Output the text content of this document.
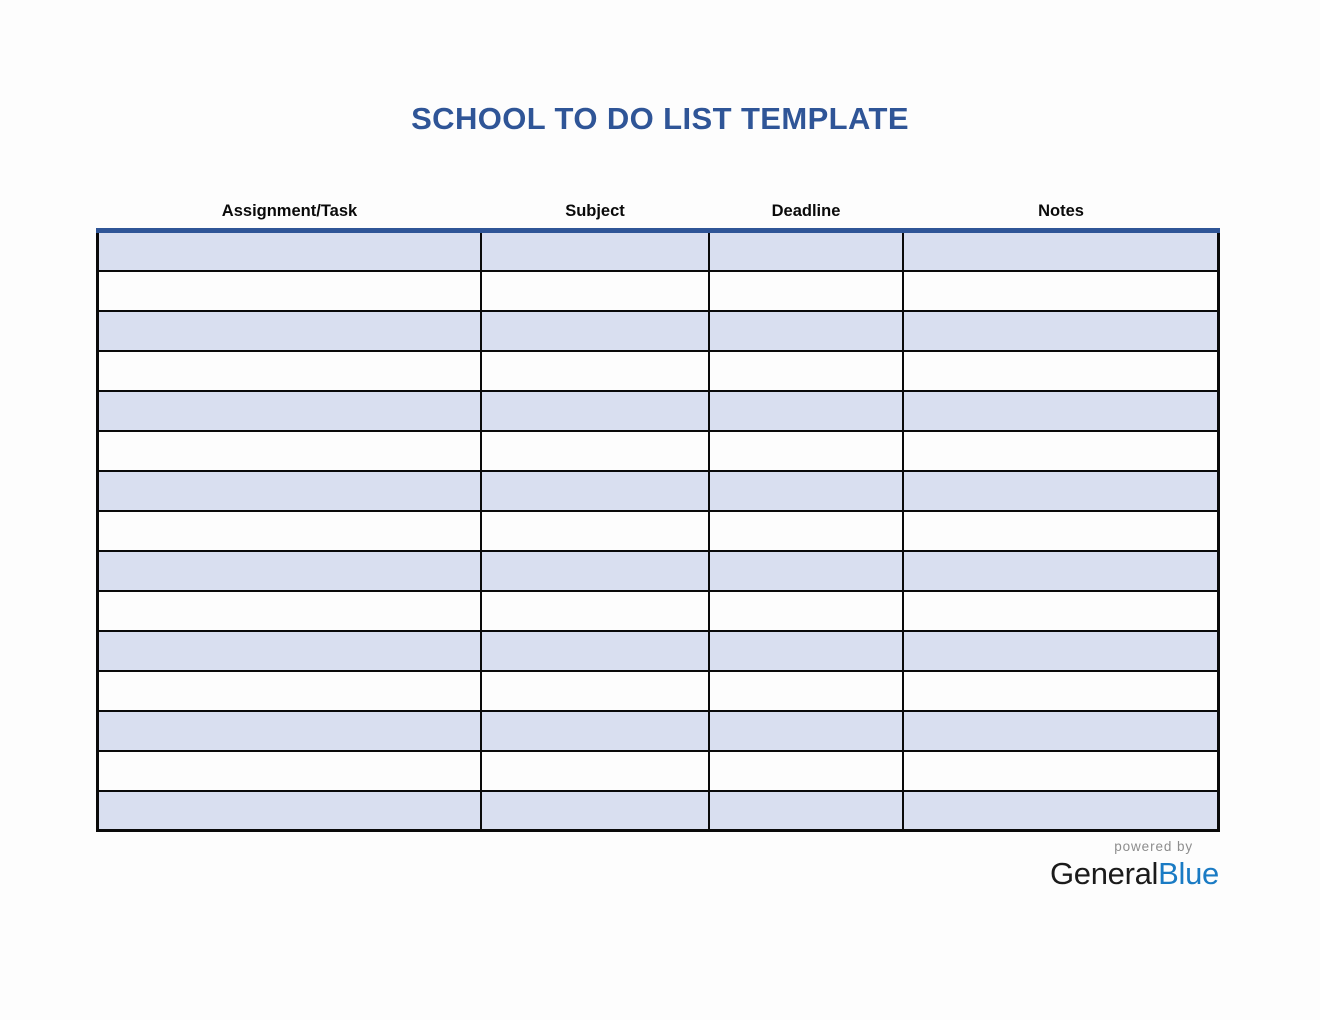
SCHOOL TO DO LIST TEMPLATE
Assignment/Task	Subject	Deadline	Notes

powered by
GeneralBlue
